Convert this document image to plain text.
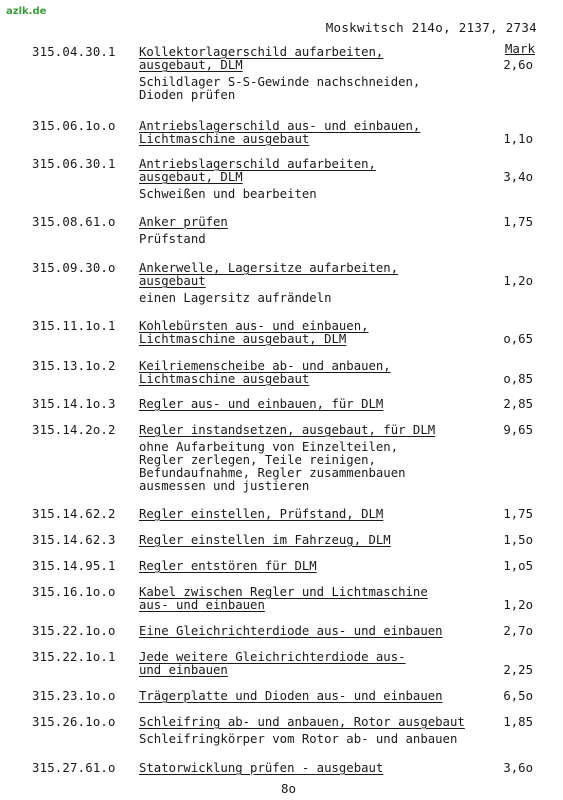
azlk.de
Moskwitsch 214o, 2137, 2734
Mark
315.04.30.1	Kollektorlagerschild aufarbeiten,
ausgebaut, DLM
Schildlager S-S-Gewinde nachschneiden,
Dioden prüfen
2,6o
315.06.1o.o	Antriebslagerschild aus- und einbauen,
Lichtmaschine ausgebaut	1,1o
315.06.30.1	Antriebslagerschild aufarbeiten,
ausgebaut, DLM
Schweißen und bearbeiten
3,4o
315.08.61.o	Anker prüfen
Prüfstand
1,75
315.09.30.o	Ankerwelle, Lagersitze aufarbeiten,
ausgebaut
einen Lagersitz aufrändeln
1,2o
315.11.1o.1	Kohlebürsten aus- und einbauen,
Lichtmaschine ausgebaut, DLM	o,65
315.13.1o.2	Keilriemenscheibe ab- und anbauen,
Lichtmaschine ausgebaut	o,85
315.14.1o.3	Regler aus- und einbauen, für DLM	2,85
315.14.2o.2	Regler instandsetzen, ausgebaut, für DLM
ohne Aufarbeitung von Einzelteilen,
Regler zerlegen, Teile reinigen,
Befundaufnahme, Regler zusammenbauen
ausmessen und justieren
9,65
315.14.62.2	Regler einstellen, Prüfstand, DLM	1,75
315.14.62.3	Regler einstellen im Fahrzeug, DLM	1,5o
315.14.95.1	Regler entstören für DLM	1,o5
315.16.1o.o	Kabel zwischen Regler und Lichtmaschine
aus- und einbauen	1,2o
315.22.1o.o	Eine Gleichrichterdiode aus- und einbauen	2,7o
315.22.1o.1	Jede weitere Gleichrichterdiode aus-
und einbauen	2,25
315.23.1o.o	Trägerplatte und Dioden aus- und einbauen	6,5o
315.26.1o.o	Schleifring ab- und anbauen, Rotor ausgebaut
Schleifringkörper vom Rotor ab- und anbauen
1,85
315.27.61.o	Statorwicklung prüfen - ausgebaut	3,6o
8o
